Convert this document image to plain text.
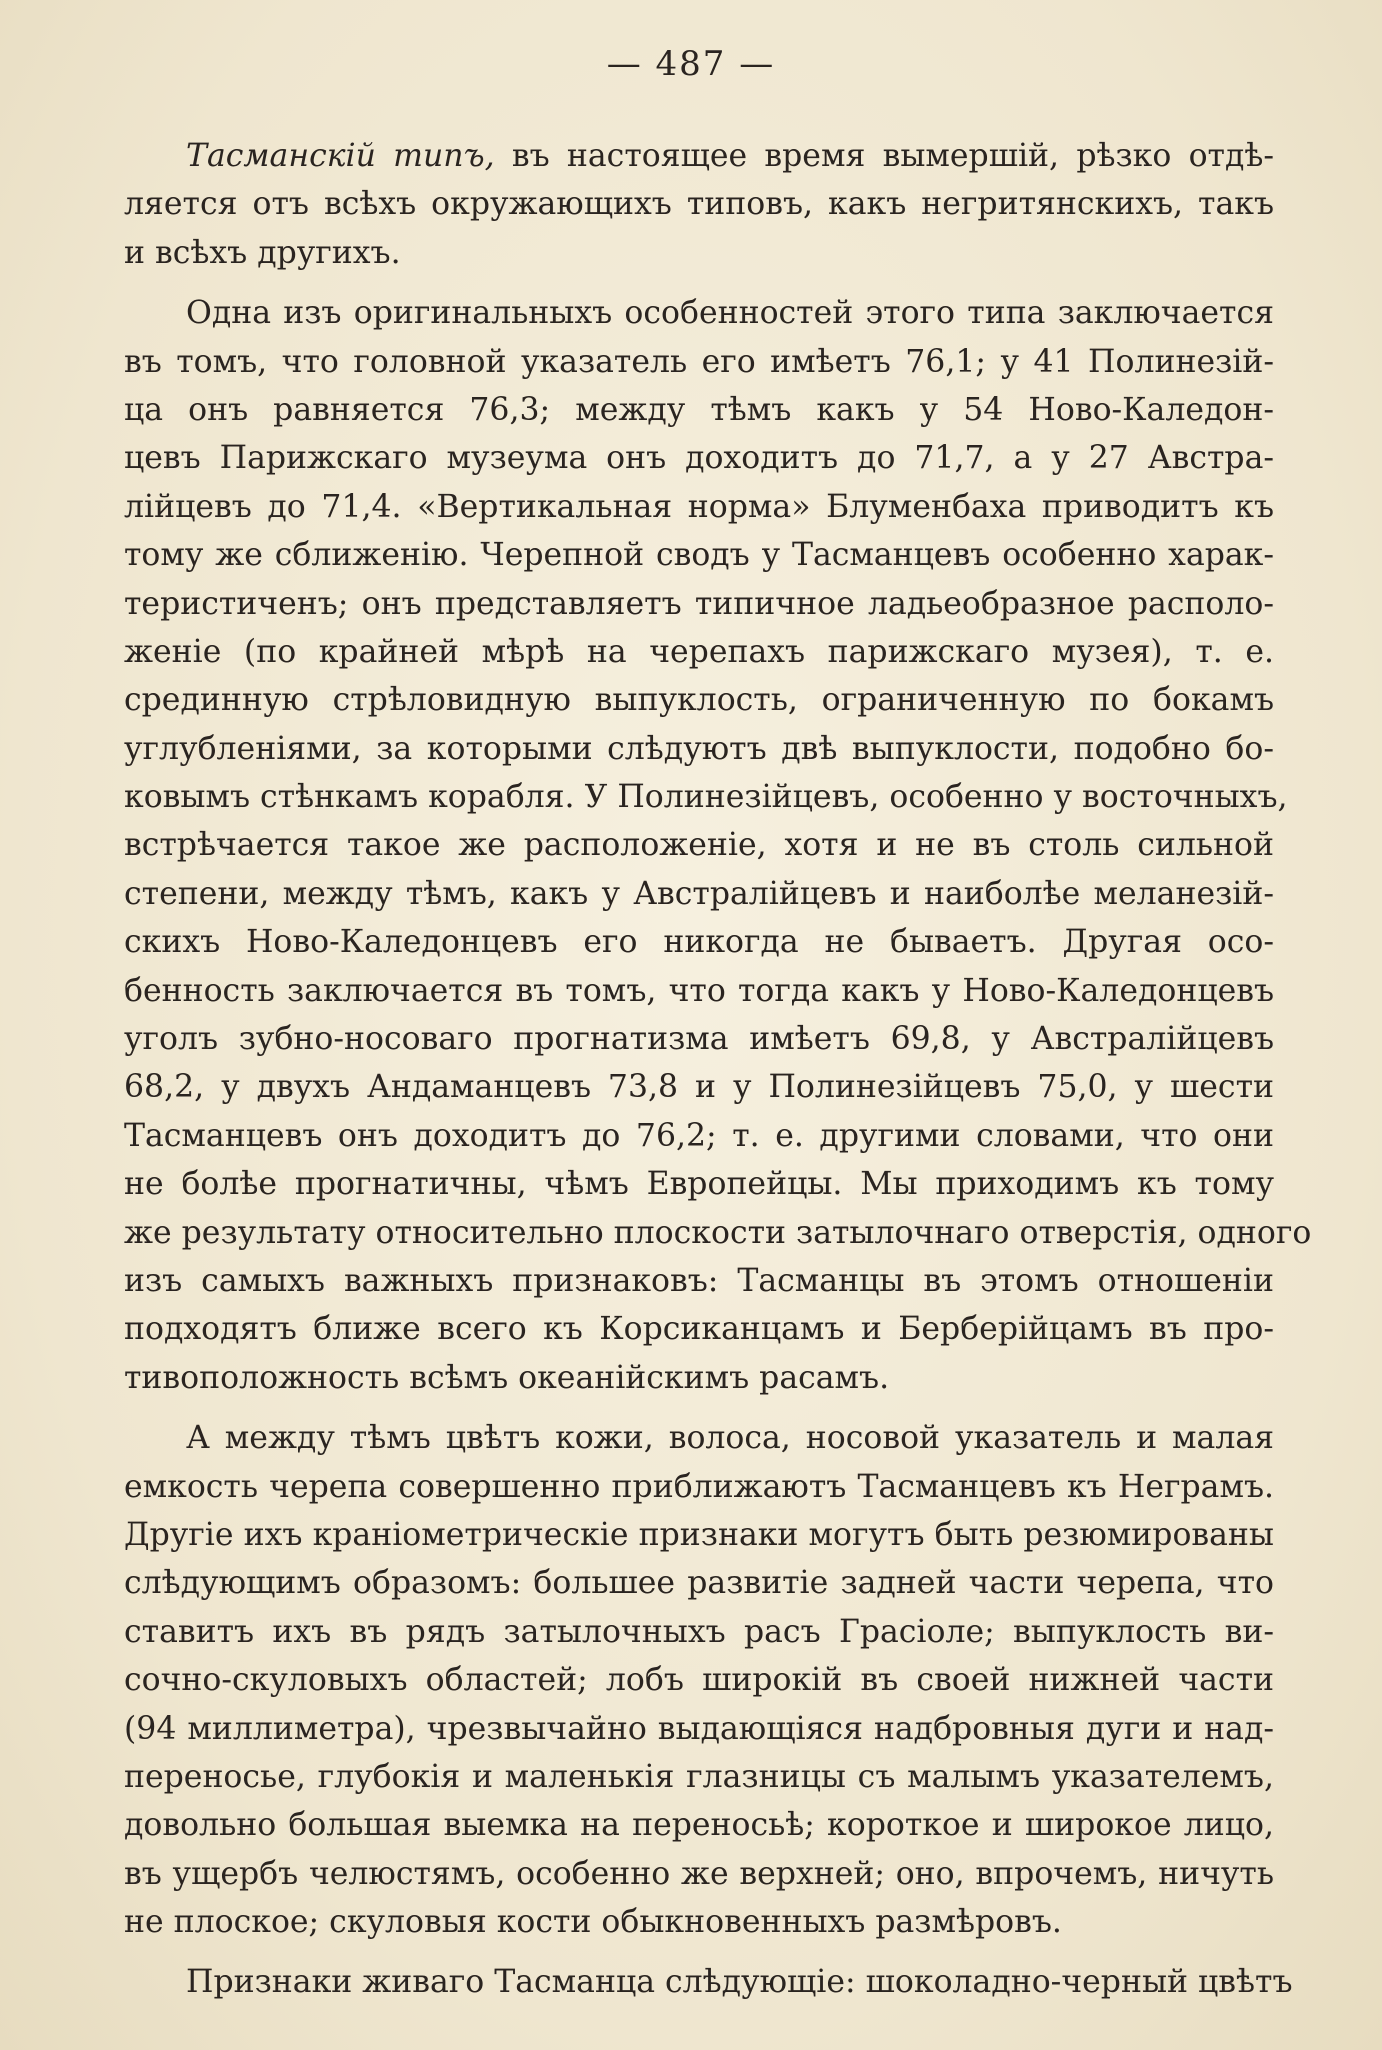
— 487 —
Тасманскій типъ, въ настоящее время вымершій, рѣзко отдѣ-
ляется отъ всѣхъ окружающихъ типовъ, какъ негритянскихъ, такъ
и всѣхъ другихъ.
Одна изъ оригинальныхъ особенностей этого типа заключается
въ томъ, что головной указатель его имѣетъ 76,1; у 41 Полинезій-
ца онъ равняется 76,3; между тѣмъ какъ у 54 Ново-Каледон-
цевъ Парижскаго музеума онъ доходитъ до 71,7, а у 27 Австра-
лійцевъ до 71,4. «Вертикальная норма» Блуменбаха приводитъ къ
тому же сближенію. Черепной сводъ у Тасманцевъ особенно харак-
теристиченъ; онъ представляетъ типичное ладьеобразное располо-
женіе (по крайней мѣрѣ на черепахъ парижскаго музея), т. е.
срединную стрѣловидную выпуклость, ограниченную по бокамъ
углубленіями, за которыми слѣдуютъ двѣ выпуклости, подобно бо-
ковымъ стѣнкамъ корабля. У Полинезійцевъ, особенно у восточныхъ,
встрѣчается такое же расположеніе, хотя и не въ столь сильной
степени, между тѣмъ, какъ у Австралійцевъ и наиболѣе меланезій-
скихъ Ново-Каледонцевъ его никогда не бываетъ. Другая осо-
бенность заключается въ томъ, что тогда какъ у Ново-Каледонцевъ
уголъ зубно-носоваго прогнатизма имѣетъ 69,8, у Австралійцевъ
68,2, у двухъ Андаманцевъ 73,8 и у Полинезійцевъ 75,0, у шести
Тасманцевъ онъ доходитъ до 76,2; т. е. другими словами, что они
не болѣе прогнатичны, чѣмъ Европейцы. Мы приходимъ къ тому
же результату относительно плоскости затылочнаго отверстія, одного
изъ самыхъ важныхъ признаковъ: Тасманцы въ этомъ отношеніи
подходятъ ближе всего къ Корсиканцамъ и Берберійцамъ въ про-
тивоположность всѣмъ океанійскимъ расамъ.
А между тѣмъ цвѣтъ кожи, волоса, носовой указатель и малая
емкость черепа совершенно приближаютъ Тасманцевъ къ Неграмъ.
Другіе ихъ краніометрическіе признаки могутъ быть резюмированы
слѣдующимъ образомъ: большее развитіе задней части черепа, что
ставитъ ихъ въ рядъ затылочныхъ расъ Грасіоле; выпуклость ви-
сочно-скуловыхъ областей; лобъ широкій въ своей нижней части
(94 миллиметра), чрезвычайно выдающіяся надбровныя дуги и над-
переносье, глубокія и маленькія глазницы съ малымъ указателемъ,
довольно большая выемка на переносьѣ; короткое и широкое лицо,
въ ущербъ челюстямъ, особенно же верхней; оно, впрочемъ, ничуть
не плоское; скуловыя кости обыкновенныхъ размѣровъ.
Признаки живаго Тасманца слѣдующіе: шоколадно-черный цвѣтъ
